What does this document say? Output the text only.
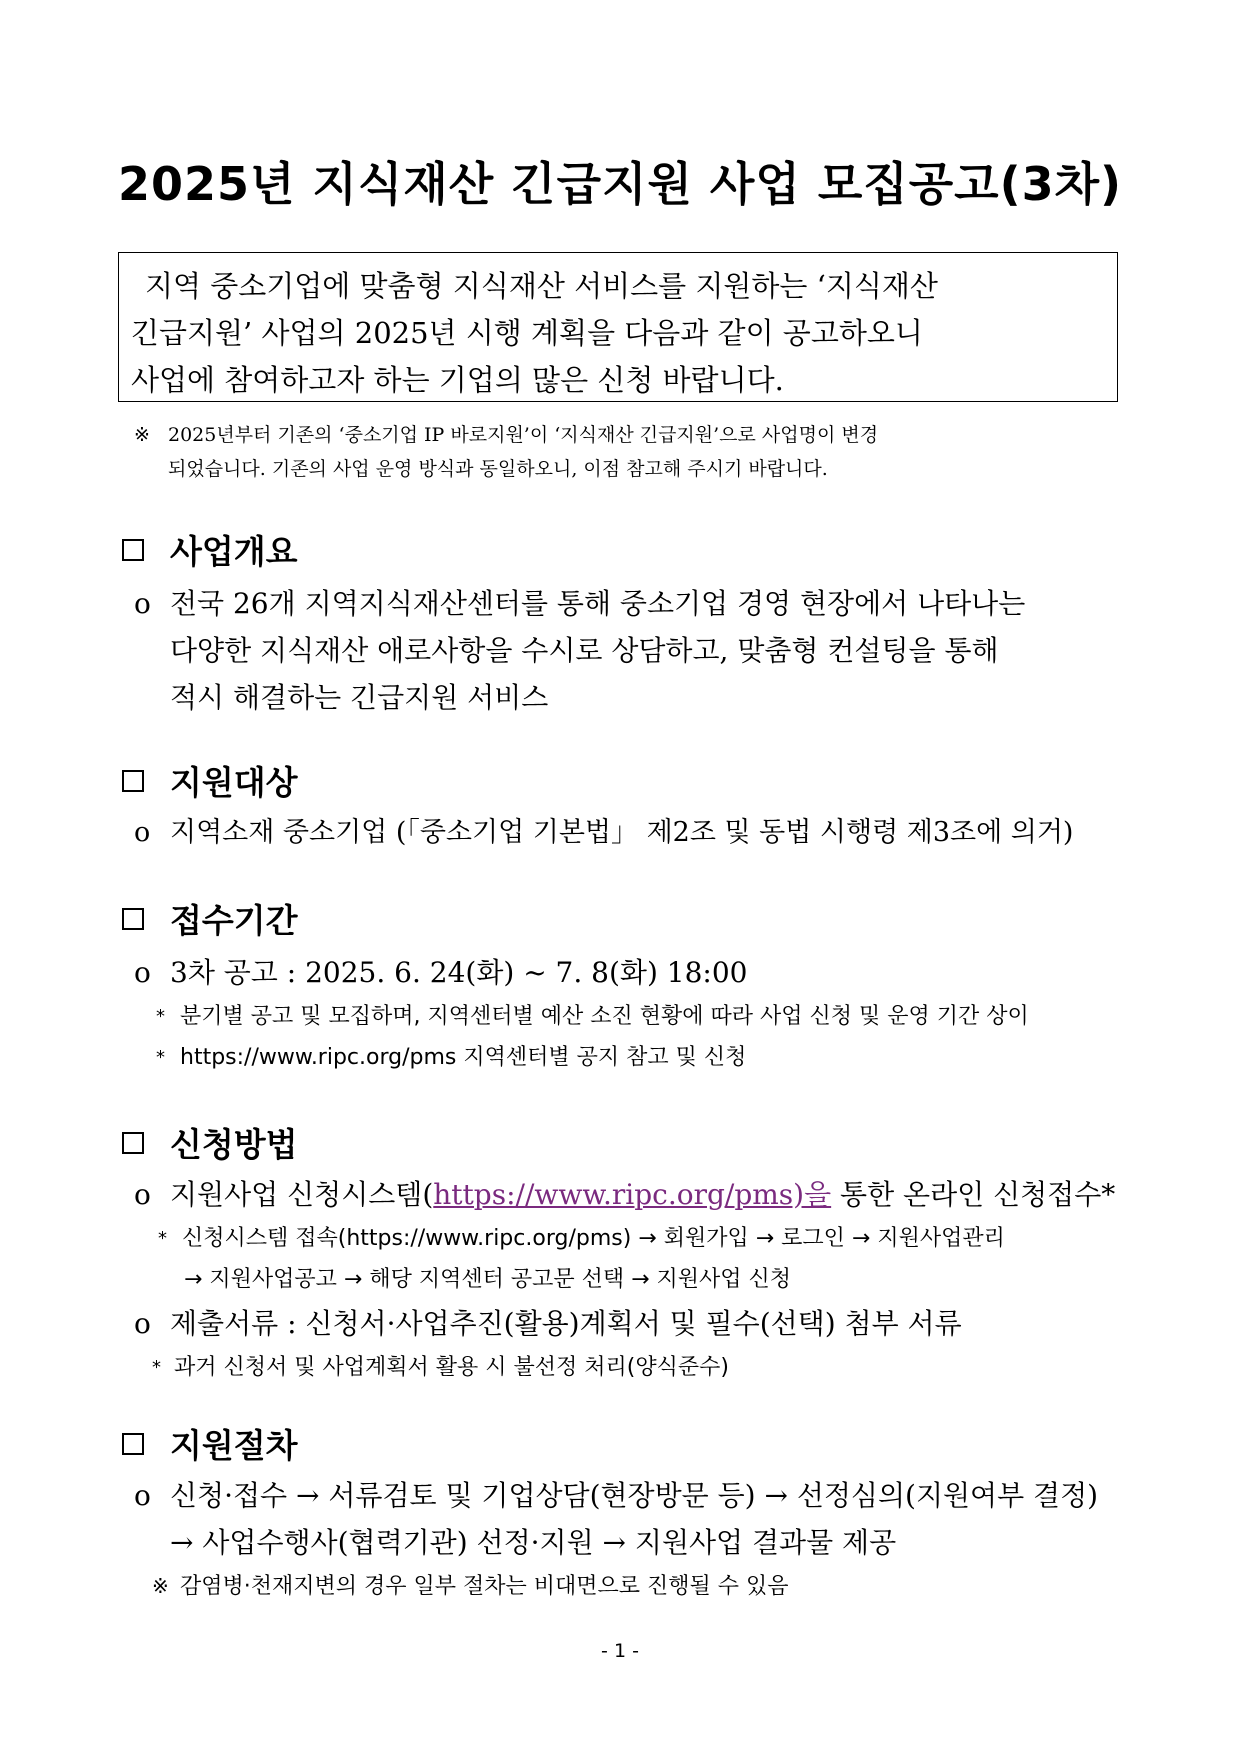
2025년 지식재산 긴급지원 사업 모집공고(3차)
지역 중소기업에 맞춤형 지식재산 서비스를 지원하는 ‘지식재산
긴급지원’ 사업의 2025년 시행 계획을 다음과 같이 공고하오니
사업에 참여하고자 하는 기업의 많은 신청 바랍니다.
※ 2025년부터 기존의 ‘중소기업 IP 바로지원’이 ‘지식재산 긴급지원’으로 사업명이 변경
되었습니다. 기존의 사업 운영 방식과 동일하오니, 이점 참고해 주시기 바랍니다.
사업개요
o 전국 26개 지역지식재산센터를 통해 중소기업 경영 현장에서 나타나는
다양한 지식재산 애로사항을 수시로 상담하고, 맞춤형 컨설팅을 통해
적시 해결하는 긴급지원 서비스
지원대상
o 지역소재 중소기업 (「중소기업 기본법」 제2조 및 동법 시행령 제3조에 의거)
접수기간
o 3차 공고 : 2025. 6. 24(화) ~ 7. 8(화) 18:00
* 분기별 공고 및 모집하며, 지역센터별 예산 소진 현황에 따라 사업 신청 및 운영 기간 상이
* https://www.ripc.org/pms 지역센터별 공지 참고 및 신청
신청방법
o 지원사업 신청시스템(https://www.ripc.org/pms)을 통한 온라인 신청접수*
* 신청시스템 접속(https://www.ripc.org/pms) → 회원가입 → 로그인 → 지원사업관리
→ 지원사업공고 → 해당 지역센터 공고문 선택 → 지원사업 신청
o 제출서류 : 신청서·사업추진(활용)계획서 및 필수(선택) 첨부 서류
* 과거 신청서 및 사업계획서 활용 시 불선정 처리(양식준수)
지원절차
o 신청·접수 → 서류검토 및 기업상담(현장방문 등) → 선정심의(지원여부 결정)
→ 사업수행사(협력기관) 선정·지원 → 지원사업 결과물 제공
※ 감염병·천재지변의 경우 일부 절차는 비대면으로 진행될 수 있음
- 1 -
